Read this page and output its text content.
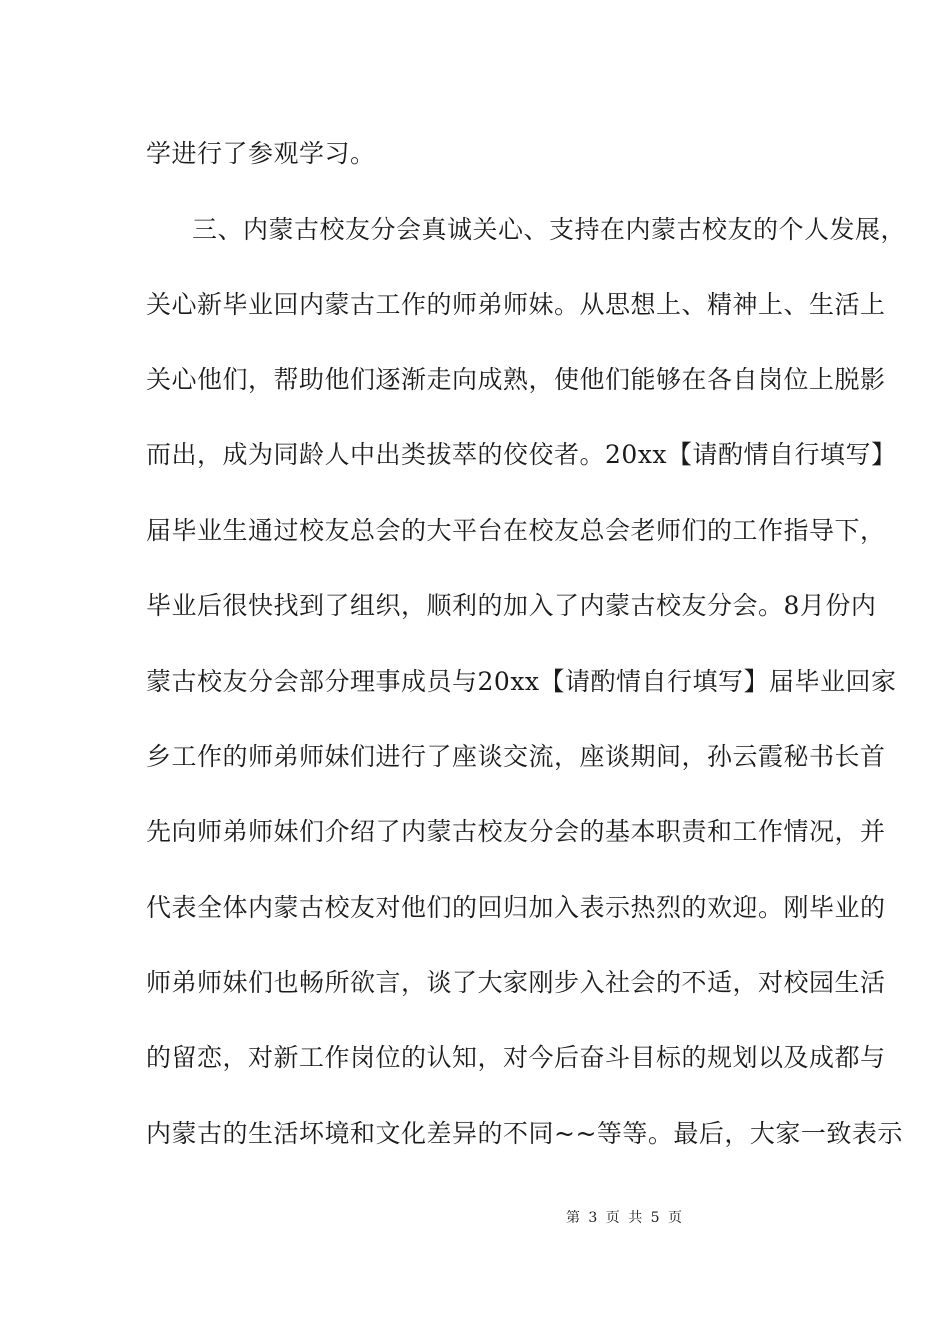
学进行了参观学习。
三、内蒙古校友分会真诚关心、支持在内蒙古校友的个人发展，
关心新毕业回内蒙古工作的师弟师妹。从思想上、精神上、生活上
关心他们，帮助他们逐渐走向成熟，使他们能够在各自岗位上脱影
而出，成为同龄人中出类拔萃的佼佼者。20xx【请酌情自行填写】
届毕业生通过校友总会的大平台在校友总会老师们的工作指导下，
毕业后很快找到了组织，顺利的加入了内蒙古校友分会。8月份内
蒙古校友分会部分理事成员与20xx【请酌情自行填写】届毕业回家
乡工作的师弟师妹们进行了座谈交流，座谈期间，孙云霞秘书长首
先向师弟师妹们介绍了内蒙古校友分会的基本职责和工作情况，并
代表全体内蒙古校友对他们的回归加入表示热烈的欢迎。刚毕业的
师弟师妹们也畅所欲言，谈了大家刚步入社会的不适，对校园生活
的留恋，对新工作岗位的认知，对今后奋斗目标的规划以及成都与
内蒙古的生活坏境和文化差异的不同~~等等。最后，大家一致表示
第 3 页 共 5 页
